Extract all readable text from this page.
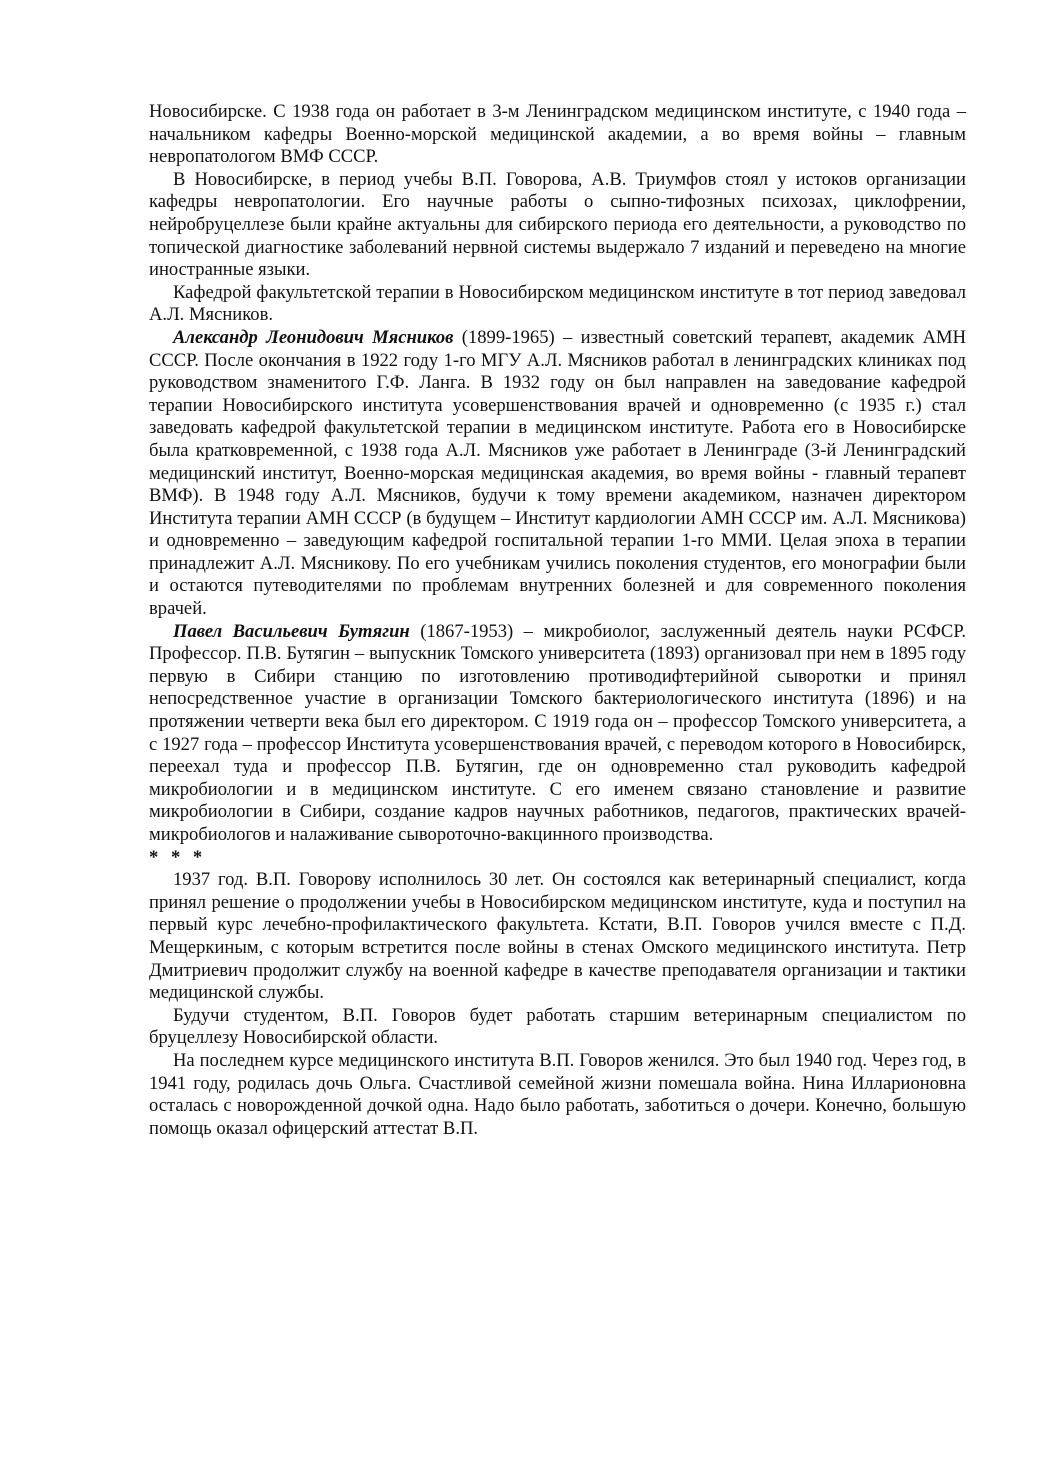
Новосибирске. С 1938 года он работает в 3-м Ленинградском медицинском институте, с 1940 года – начальником кафедры Военно-морской медицинской академии, а во время войны – главным невропатологом ВМФ СССР.

В Новосибирске, в период учебы В.П. Говорова, А.В. Триумфов стоял у истоков организации кафедры невропатологии. Его научные работы о сыпно-тифозных психозах, циклофрении, нейробруцеллезе были крайне актуальны для сибирского периода его деятельности, а руководство по топической диагностике заболеваний нервной системы выдержало 7 изданий и переведено на многие иностранные языки.

Кафедрой факультетской терапии в Новосибирском медицинском институте в тот период заведовал А.Л. Мясников.

Александр Леонидович Мясников (1899-1965) – известный советский терапевт, академик АМН СССР. После окончания в 1922 году 1-го МГУ А.Л. Мясников работал в ленинградских клиниках под руководством знаменитого Г.Ф. Ланга. В 1932 году он был направлен на заведование кафедрой терапии Новосибирского института усовершенствования врачей и одновременно (с 1935 г.) стал заведовать кафедрой факультетской терапии в медицинском институте. Работа его в Новосибирске была кратковременной, с 1938 года А.Л. Мясников уже работает в Ленинграде (3-й Ленинградский медицинский институт, Военно-морская медицинская академия, во время войны - главный терапевт ВМФ). В 1948 году А.Л. Мясников, будучи к тому времени академиком, назначен директором Института терапии АМН СССР (в будущем – Институт кардиологии АМН СССР им. А.Л. Мясникова) и одновременно – заведующим кафедрой госпитальной терапии 1-го ММИ. Целая эпоха в терапии принадлежит А.Л. Мясникову. По его учебникам учились поколения студентов, его монографии были и остаются путеводителями по проблемам внутренних болезней и для современного поколения врачей.

Павел Васильевич Бутягин (1867-1953) – микробиолог, заслуженный деятель науки РСФСР. Профессор. П.В. Бутягин – выпускник Томского университета (1893) организовал при нем в 1895 году первую в Сибири станцию по изготовлению противодифтерийной сыворотки и принял непосредственное участие в организации Томского бактериологического института (1896) и на протяжении четверти века был его директором. С 1919 года он – профессор Томского университета, а с 1927 года – профессор Института усовершенствования врачей, с переводом которого в Новосибирск, переехал туда и профессор П.В. Бутягин, где он одновременно стал руководить кафедрой микробиологии и в медицинском институте. С его именем связано становление и развитие микробиологии в Сибири, создание кадров научных работников, педагогов, практических врачей-микробиологов и налаживание сывороточно-вакцинного производства.

* * *

1937 год. В.П. Говорову исполнилось 30 лет. Он состоялся как ветеринарный специалист, когда принял решение о продолжении учебы в Новосибирском медицинском институте, куда и поступил на первый курс лечебно-профилактического факультета. Кстати, В.П. Говоров учился вместе с П.Д. Мещеркиным, с которым встретится после войны в стенах Омского медицинского института. Петр Дмитриевич продолжит службу на военной кафедре в качестве преподавателя организации и тактики медицинской службы.

Будучи студентом, В.П. Говоров будет работать старшим ветеринарным специалистом по бруцеллезу Новосибирской области.

На последнем курсе медицинского института В.П. Говоров женился. Это был 1940 год. Через год, в 1941 году, родилась дочь Ольга. Счастливой семейной жизни помешала война. Нина Илларионовна осталась с новорожденной дочкой одна. Надо было работать, заботиться о дочери. Конечно, большую помощь оказал офицерский аттестат В.П.
